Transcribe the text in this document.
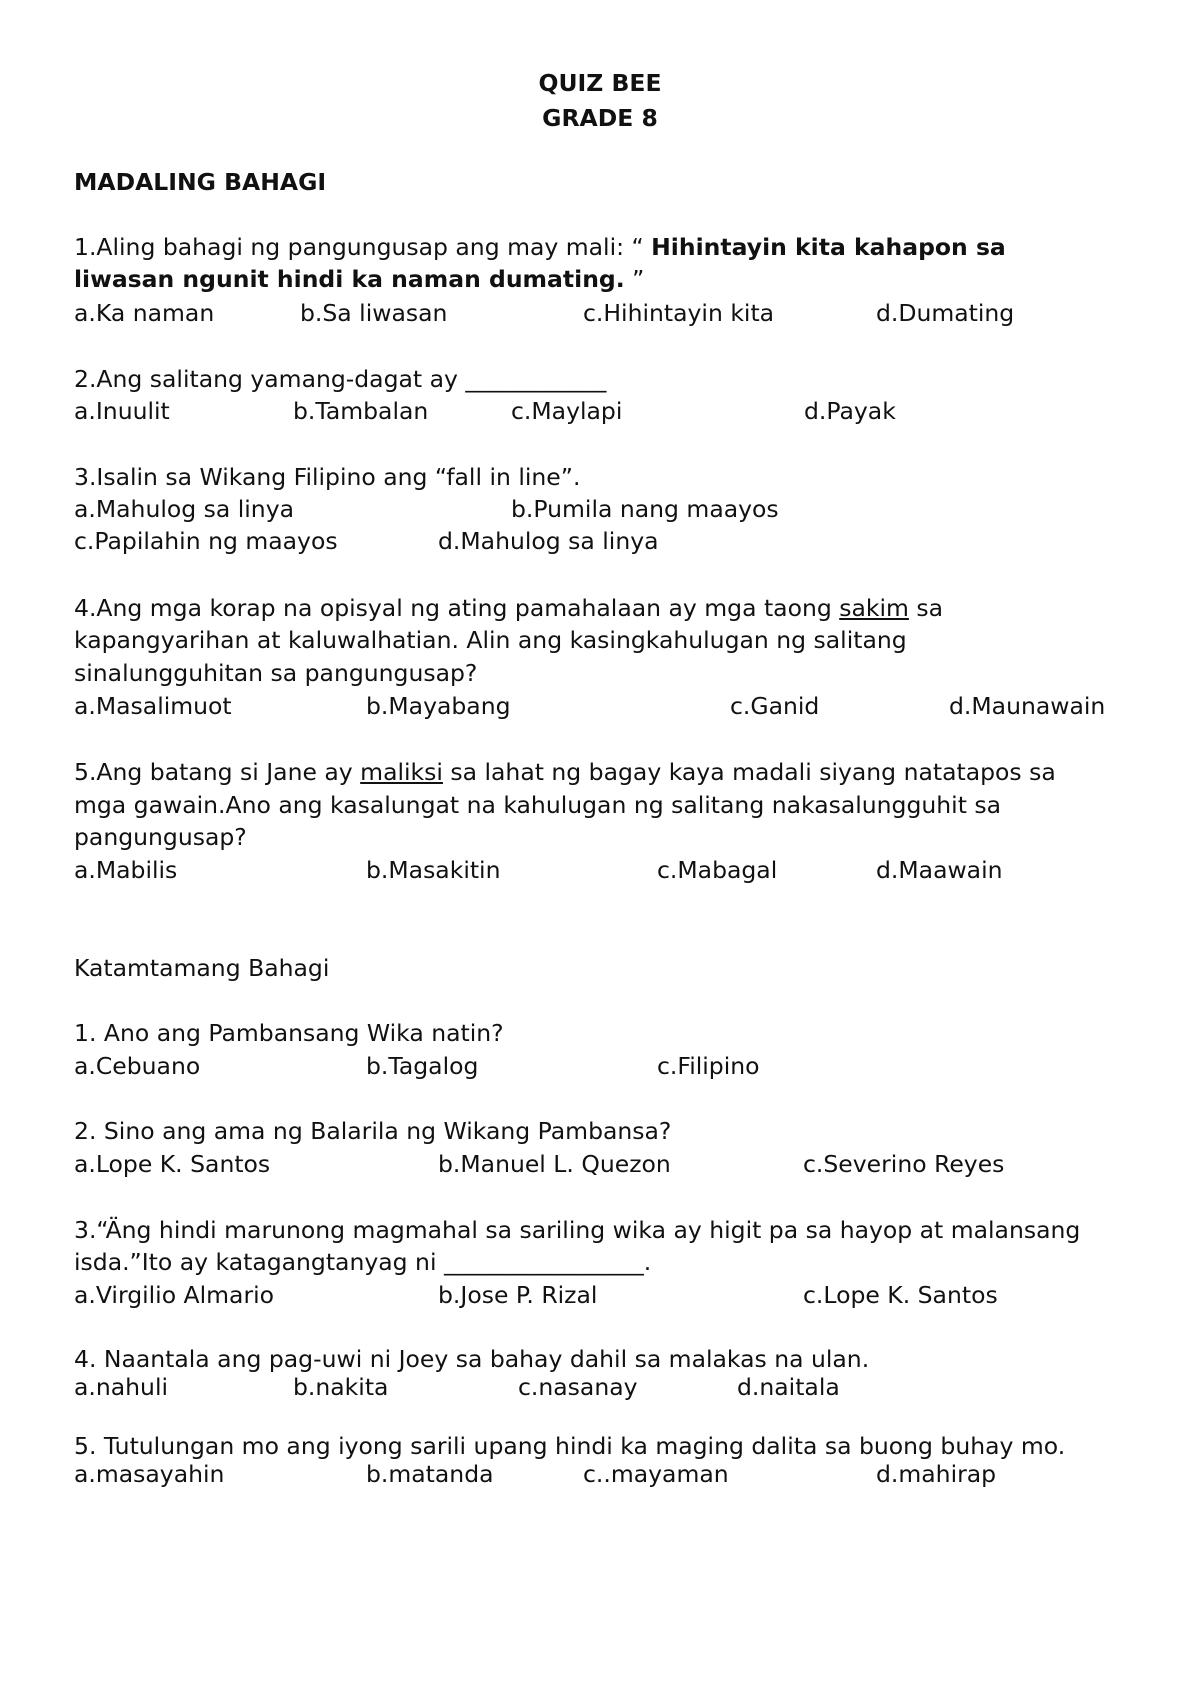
QUIZ BEE
GRADE 8
MADALING BAHAGI
1.Aling bahagi ng pangungusap ang may mali: “ Hihintayin kita kahapon sa
liwasan ngunit hindi ka naman dumating. ”
a.Ka naman	b.Sa liwasan	c.Hihintayin kita	d.Dumating
2.Ang salitang yamang-dagat ay ____________
a.Inuulit	b.Tambalan	c.Maylapi	d.Payak
3.Isalin sa Wikang Filipino ang “fall in line”.
a.Mahulog sa linya	b.Pumila nang maayos
c.Papilahin ng maayos	d.Mahulog sa linya
4.Ang mga korap na opisyal ng ating pamahalaan ay mga taong sakim sa
kapangyarihan at kaluwalhatian. Alin ang kasingkahulugan ng salitang
sinalungguhitan sa pangungusap?
a.Masalimuot	b.Mayabang	c.Ganid	d.Maunawain
5.Ang batang si Jane ay maliksi sa lahat ng bagay kaya madali siyang natatapos sa
mga gawain.Ano ang kasalungat na kahulugan ng salitang nakasalungguhit sa
pangungusap?
a.Mabilis	b.Masakitin	c.Mabagal	d.Maawain
Katamtamang Bahagi
1. Ano ang Pambansang Wika natin?
a.Cebuano	b.Tagalog	c.Filipino
2. Sino ang ama ng Balarila ng Wikang Pambansa?
a.Lope K. Santos	b.Manuel L. Quezon	c.Severino Reyes
3.“Äng hindi marunong magmahal sa sariling wika ay higit pa sa hayop at malansang
isda.”Ito ay katagangtanyag ni _________________.
a.Virgilio Almario	b.Jose P. Rizal	c.Lope K. Santos
4. Naantala ang pag-uwi ni Joey sa bahay dahil sa malakas na ulan.
a.nahuli	b.nakita	c.nasanay	d.naitala
5. Tutulungan mo ang iyong sarili upang hindi ka maging dalita sa buong buhay mo.
a.masayahin	b.matanda	c..mayaman	d.mahirap
